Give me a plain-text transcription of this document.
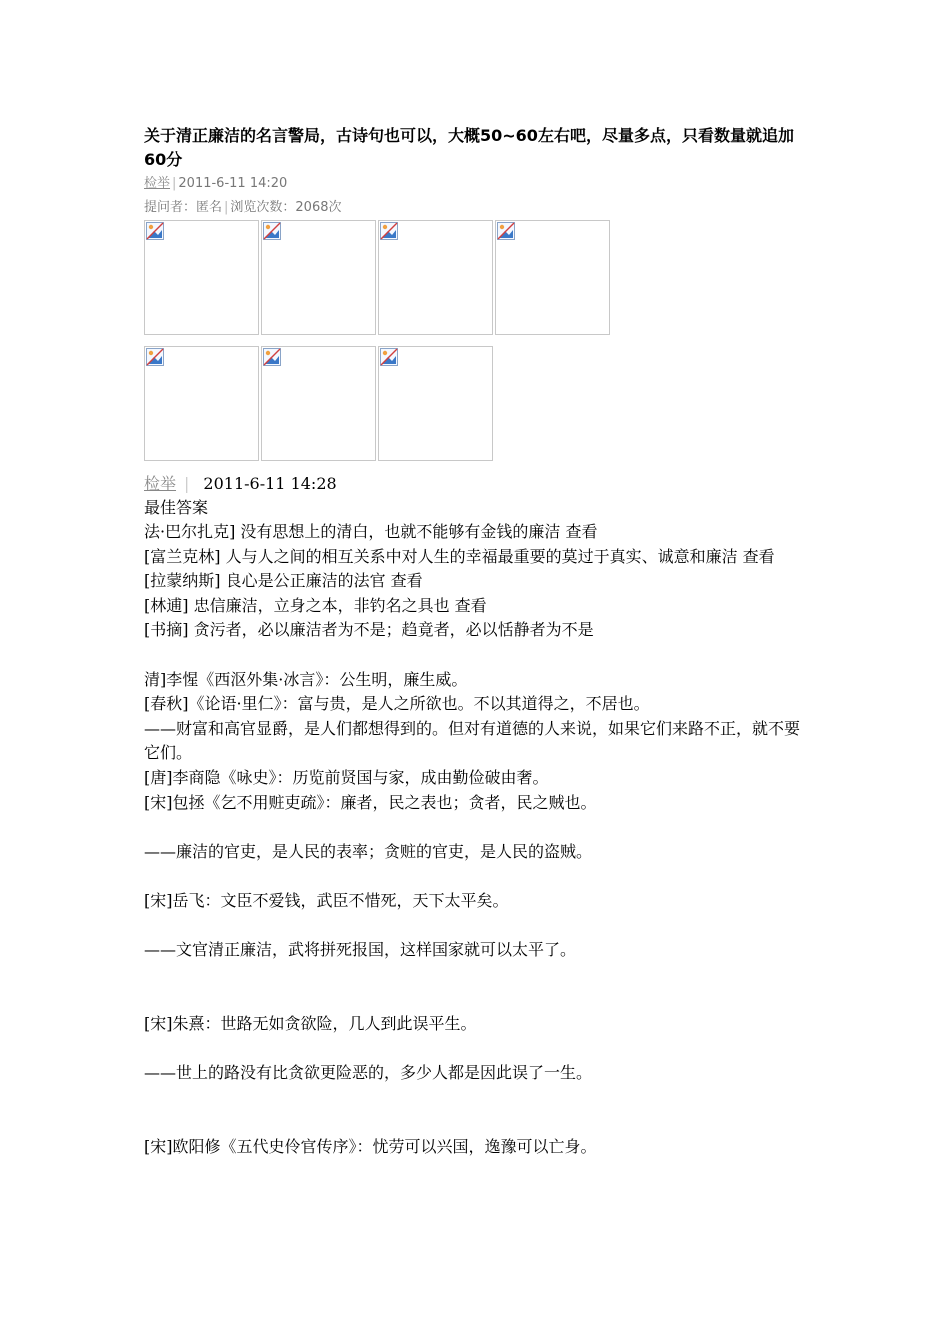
关于清正廉洁的名言警局，古诗句也可以，大概50~60左右吧，尽量多点，只看数量就追加60分
检举 | 2011-6-11 14:20
提问者：匿名 | 浏览次数：2068次
检举 | 2011-6-11 14:28
最佳答案

法·巴尔扎克] 没有思想上的清白，也就不能够有金钱的廉洁 查看

[富兰克林] 人与人之间的相互关系中对人生的幸福最重要的莫过于真实、诚意和廉洁 查看

[拉蒙纳斯] 良心是公正廉洁的法官 查看

[林逋] 忠信廉洁，立身之本，非钓名之具也 查看

[书摘] 贪污者，必以廉洁者为不是；趋竟者，必以恬静者为不是

清]李惺《西沤外集·冰言》：公生明，廉生威。

[春秋]《论语·里仁》：富与贵，是人之所欲也。不以其道得之，不居也。

——财富和高官显爵，是人们都想得到的。但对有道德的人来说，如果它们来路不正，就不要它们。

[唐]李商隐《咏史》：历览前贤国与家，成由勤俭破由奢。

[宋]包拯《乞不用赃吏疏》：廉者，民之表也；贪者，民之贼也。

——廉洁的官吏，是人民的表率；贪赃的官吏，是人民的盗贼。

[宋]岳飞：文臣不爱钱，武臣不惜死，天下太平矣。

——文官清正廉洁，武将拼死报国，这样国家就可以太平了。

[宋]朱熹：世路无如贪欲险，几人到此误平生。

——世上的路没有比贪欲更险恶的，多少人都是因此误了一生。

[宋]欧阳修《五代史伶官传序》：忧劳可以兴国，逸豫可以亡身。
